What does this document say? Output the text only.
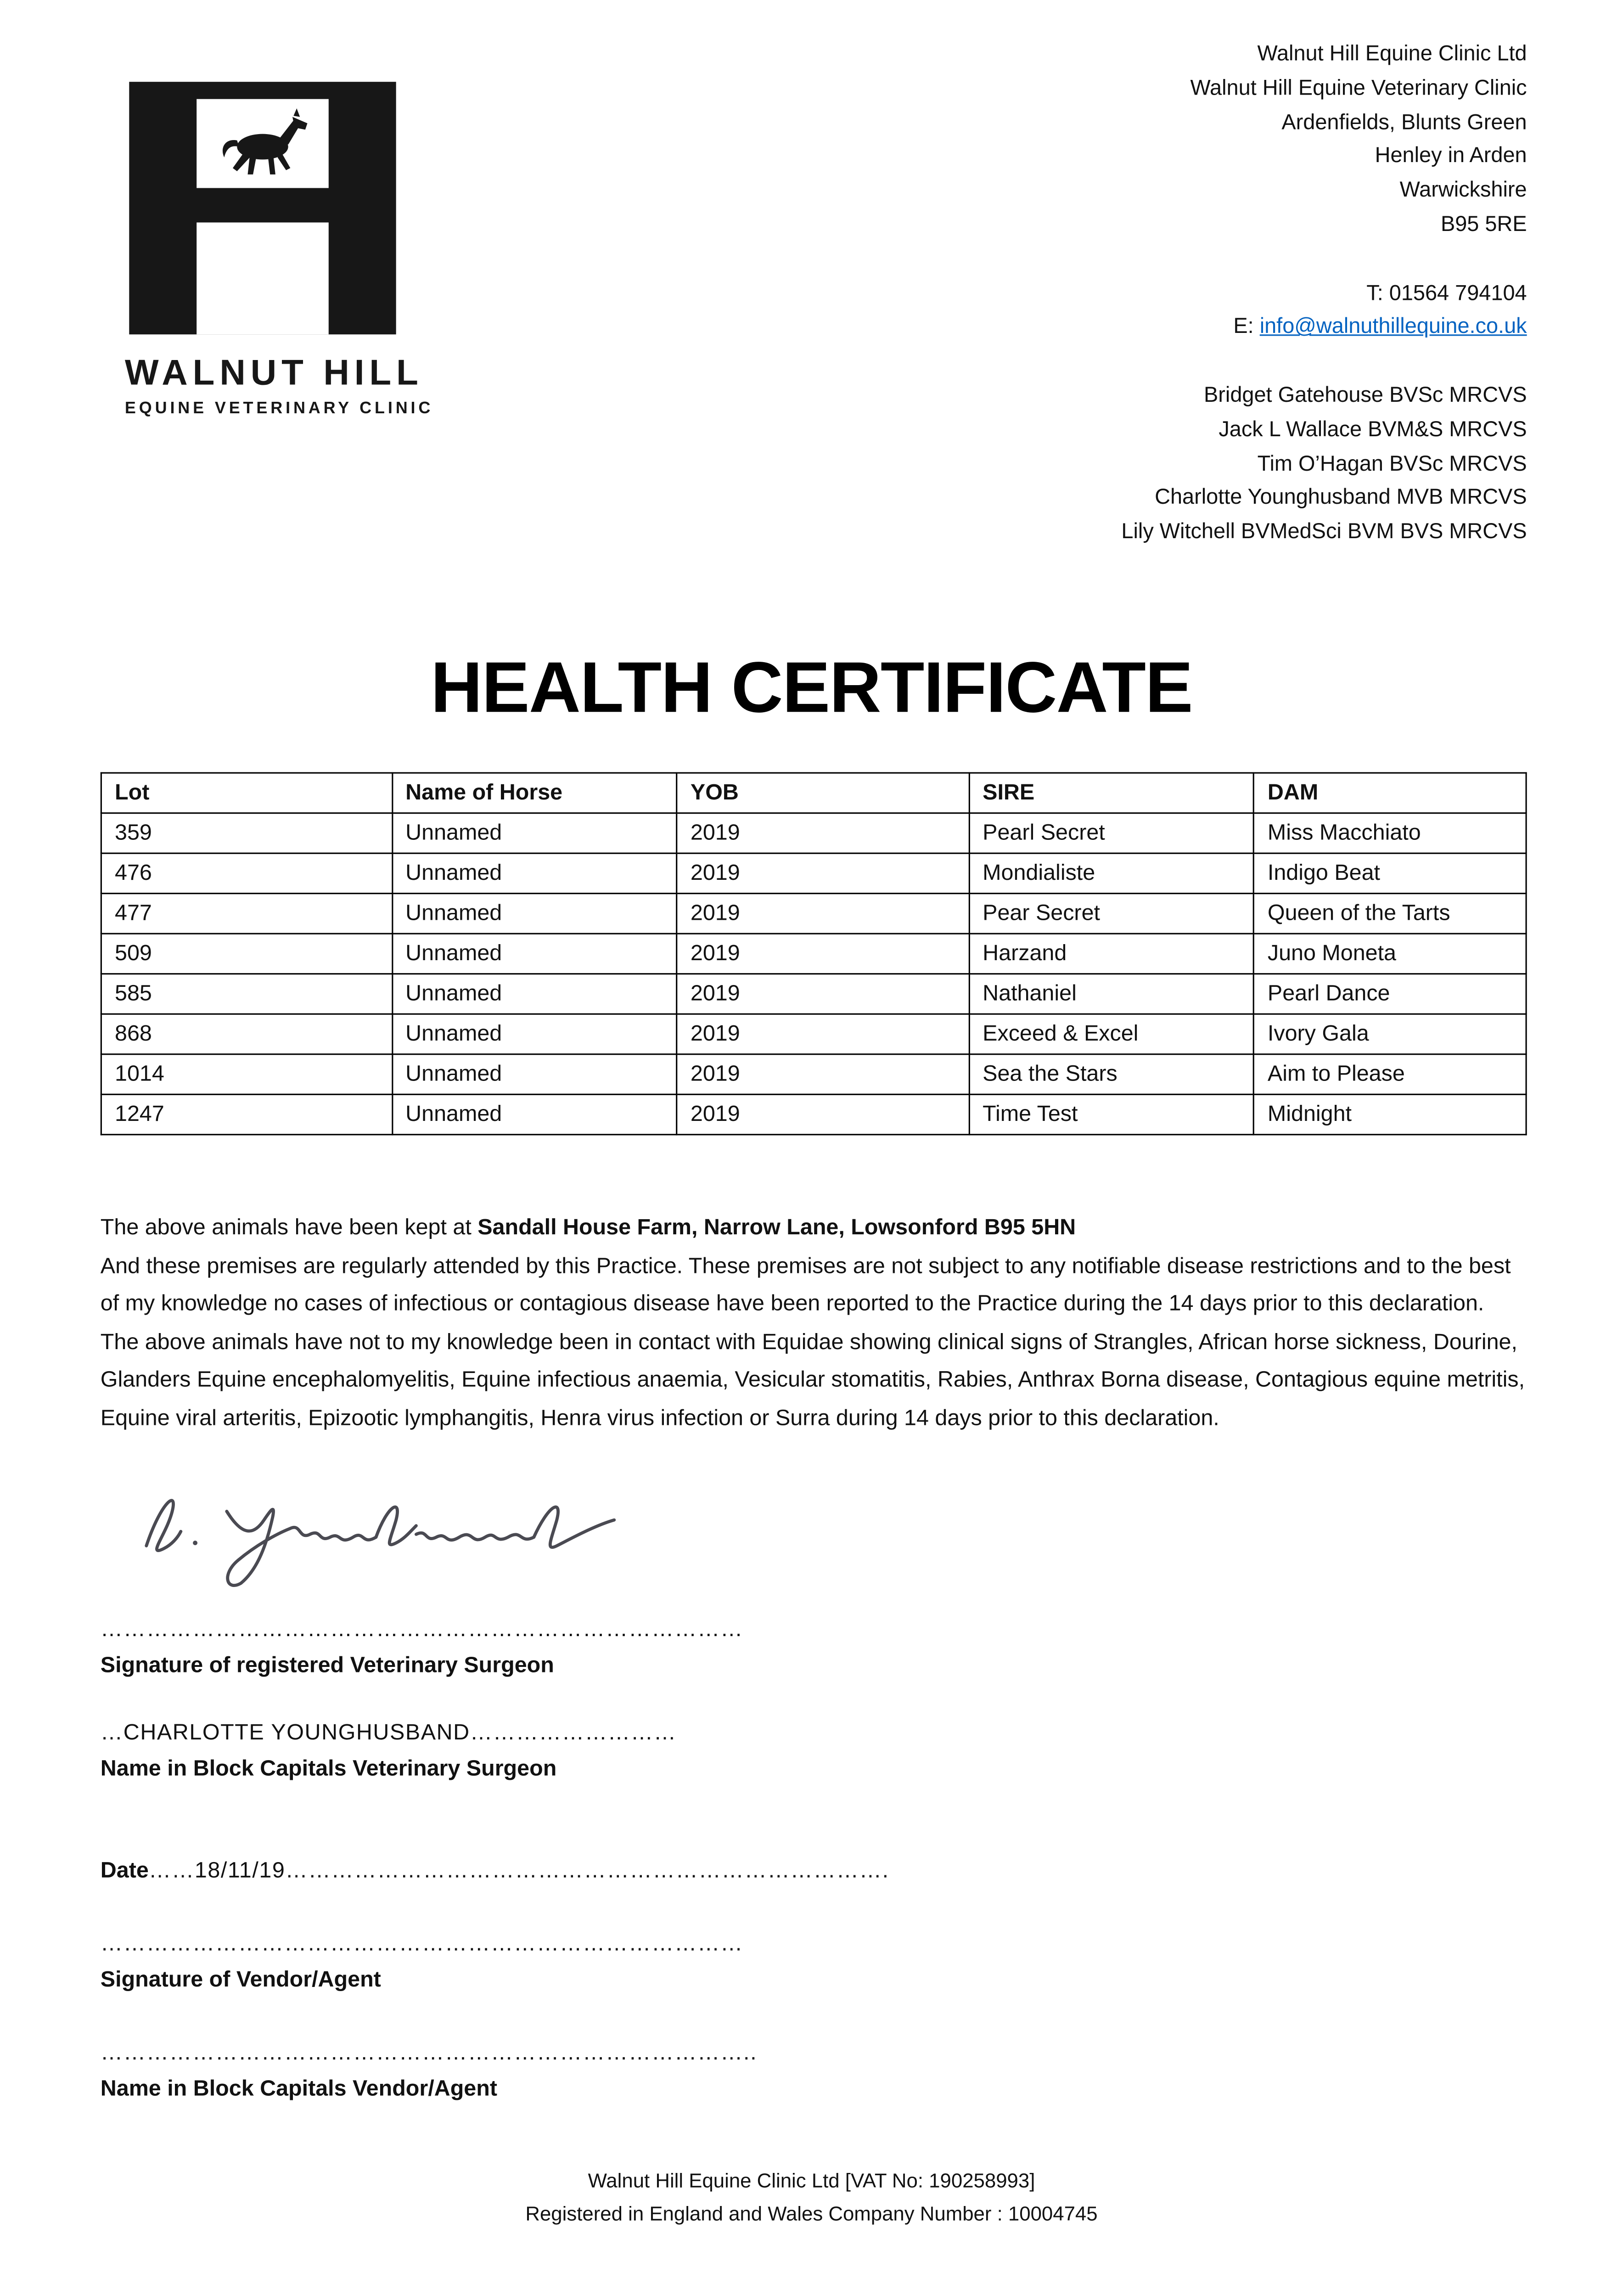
WALNUT HILL
EQUINE VETERINARY CLINIC
Walnut Hill Equine Clinic Ltd
Walnut Hill Equine Veterinary Clinic
Ardenfields, Blunts Green
Henley in Arden
Warwickshire
B95 5RE
T: 01564 794104
E: info@walnuthillequine.co.uk
Bridget Gatehouse BVSc MRCVS
Jack L Wallace BVM&S MRCVS
Tim O’Hagan BVSc MRCVS
Charlotte Younghusband MVB MRCVS
Lily Witchell BVMedSci BVM BVS MRCVS
HEALTH CERTIFICATE
Lot	Name of Horse	YOB	SIRE	DAM
359	Unnamed	2019	Pearl Secret	Miss Macchiato
476	Unnamed	2019	Mondialiste	Indigo Beat
477	Unnamed	2019	Pear Secret	Queen of the Tarts
509	Unnamed	2019	Harzand	Juno Moneta
585	Unnamed	2019	Nathaniel	Pearl Dance
868	Unnamed	2019	Exceed & Excel	Ivory Gala
1014	Unnamed	2019	Sea the Stars	Aim to Please
1247	Unnamed	2019	Time Test	Midnight
The above animals have been kept at Sandall House Farm, Narrow Lane, Lowsonford B95 5HN
And these premises are regularly attended by this Practice. These premises are not subject to any notifiable disease restrictions and to the best of my knowledge no cases of infectious or contagious disease have been reported to the Practice during the 14 days prior to this declaration.
The above animals have not to my knowledge been in contact with Equidae showing clinical signs of Strangles, African horse sickness, Dourine, Glanders Equine encephalomyelitis, Equine infectious anaemia, Vesicular stomatitis, Rabies, Anthrax Borna disease, Contagious equine metritis, Equine viral arteritis, Epizootic lymphangitis, Henra virus infection or Surra during 14 days prior to this declaration.
…………………………………………………………………………
Signature of registered Veterinary Surgeon
…CHARLOTTE YOUNGHUSBAND………………………
Name in Block Capitals Veterinary Surgeon
Date……18/11/19…………………………………………………………………….
…………………………………………………………………………
Signature of Vendor/Agent
…………………………………………………………………………..
Name in Block Capitals Vendor/Agent
Walnut Hill Equine Clinic Ltd [VAT No: 190258993]
Registered in England and Wales Company Number : 10004745
